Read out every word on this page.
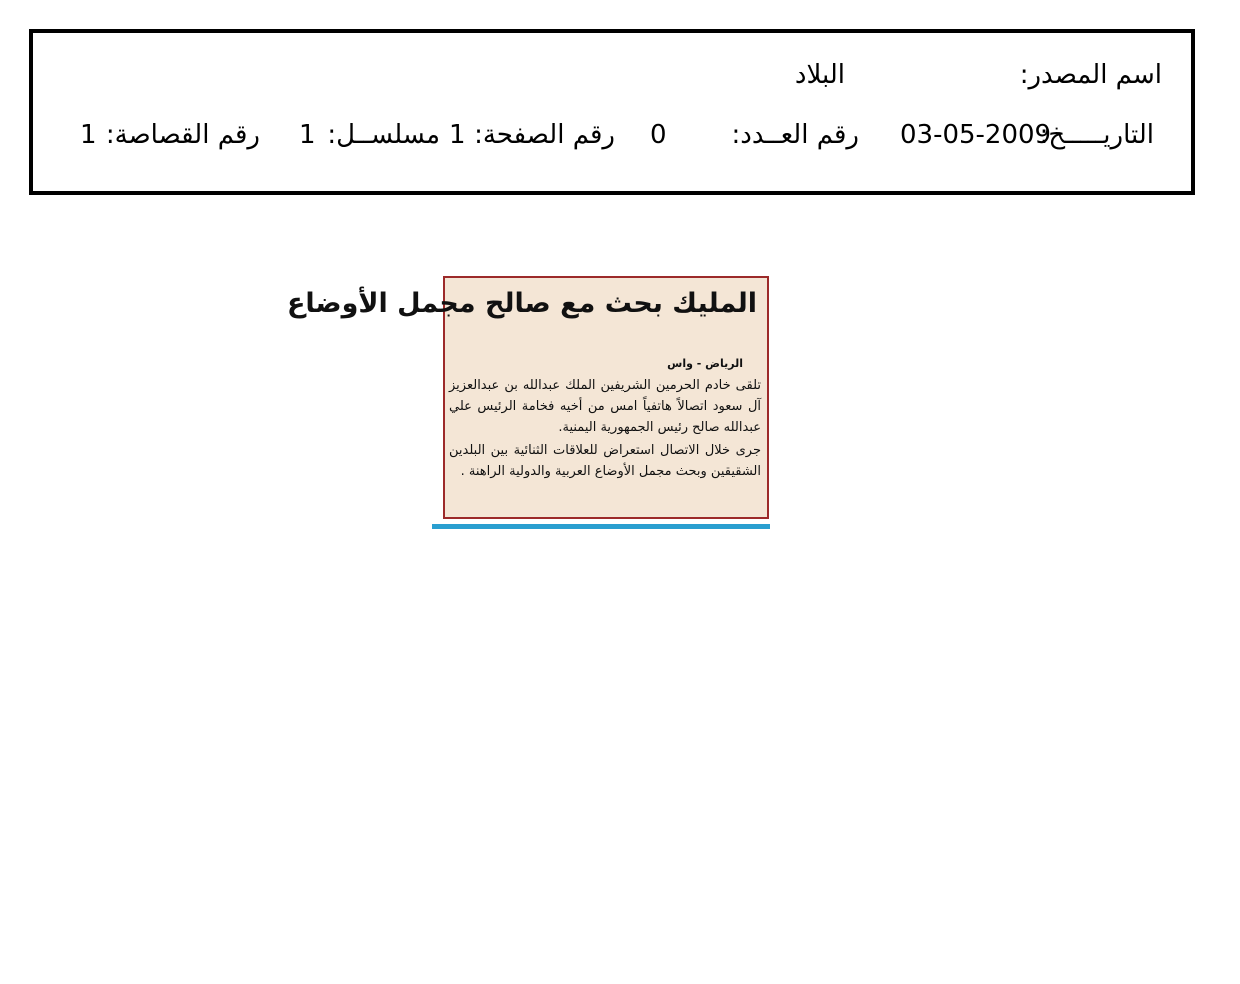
اسم المصدر:
البلاد
التاريـــــخ:
03-05-2009
رقم العــدد:
0
رقم الصفحة:
1
مسلســل:
1
رقم القصاصة:
1
المليك بحث مع صالح مجمل الأوضاع
الرياض - واس

تلقى خادم الحرمين الشريفين الملك عبدالله بن عبدالعزيز آل سعود اتصالاً هاتفياً امس من أخيه فخامة الرئيس علي عبدالله صالح رئيس الجمهورية اليمنية.

جرى خلال الاتصال استعراض للعلاقات الثنائية بين البلدين الشقيقين وبحث مجمل الأوضاع العربية والدولية الراهنة .
